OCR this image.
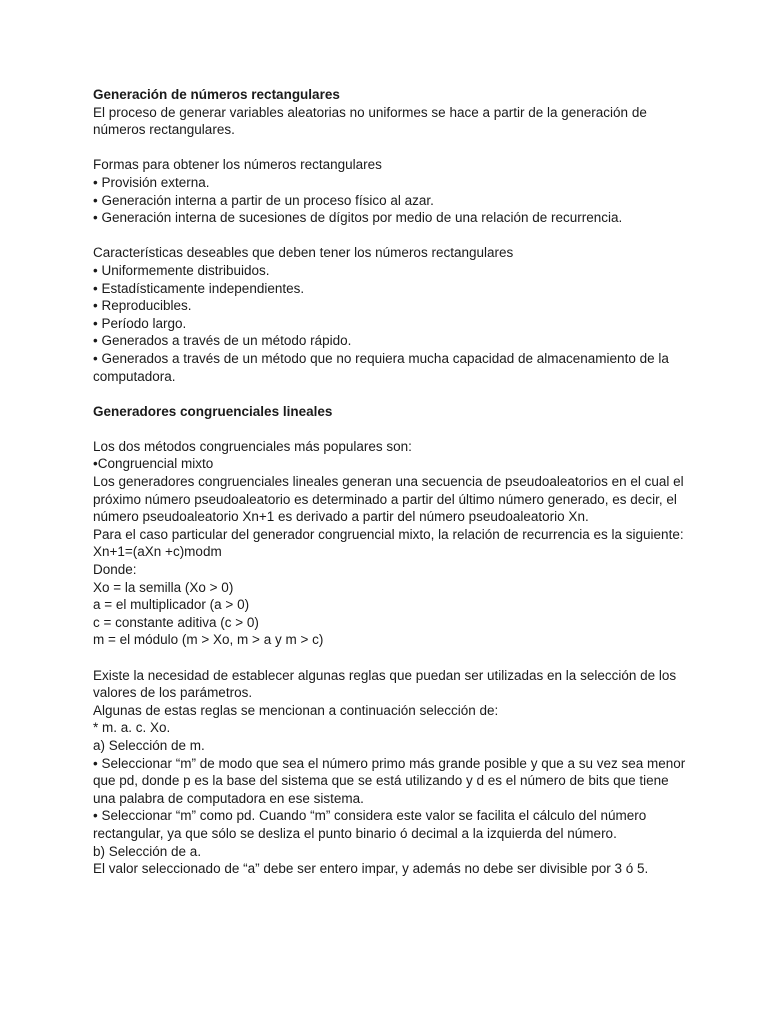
Generación de números rectangulares

El proceso de generar variables aleatorias no uniformes se hace a partir de la generación de números rectangulares.

Formas para obtener los números rectangulares

• Provisión externa.

• Generación interna a partir de un proceso físico al azar.

• Generación interna de sucesiones de dígitos por medio de una relación de recurrencia.

Características deseables que deben tener los números rectangulares

• Uniformemente distribuidos.

• Estadísticamente independientes.

• Reproducibles.

• Período largo.

• Generados a través de un método rápido.

• Generados a través de un método que no requiera mucha capacidad de almacenamiento de la computadora.

Generadores congruenciales lineales

Los dos métodos congruenciales más populares son:

•Congruencial mixto

Los generadores congruenciales lineales generan una secuencia de pseudoaleatorios en el cual el próximo número pseudoaleatorio es determinado a partir del último número generado, es decir, el número pseudoaleatorio Xn+1 es derivado a partir del número pseudoaleatorio Xn.

Para el caso particular del generador congruencial mixto, la relación de recurrencia es la siguiente:

Xn+1=(aXn +c)modm

Donde:

Xo = la semilla (Xo > 0)

a = el multiplicador (a > 0)

c = constante aditiva (c > 0)

m = el módulo (m > Xo, m > a y m > c)

Existe la necesidad de establecer algunas reglas que puedan ser utilizadas en la selección de los valores de los parámetros.

Algunas de estas reglas se mencionan a continuación selección de:

* m. a. c. Xo.

a) Selección de m.

• Seleccionar “m” de modo que sea el número primo más grande posible y que a su vez sea menor que pd, donde p es la base del sistema que se está utilizando y d es el número de bits que tiene una palabra de computadora en ese sistema.

• Seleccionar “m” como pd. Cuando “m” considera este valor se facilita el cálculo del número rectangular, ya que sólo se desliza el punto binario ó decimal a la izquierda del número.

b) Selección de a.

El valor seleccionado de “a” debe ser entero impar, y además no debe ser divisible por 3 ó 5.
